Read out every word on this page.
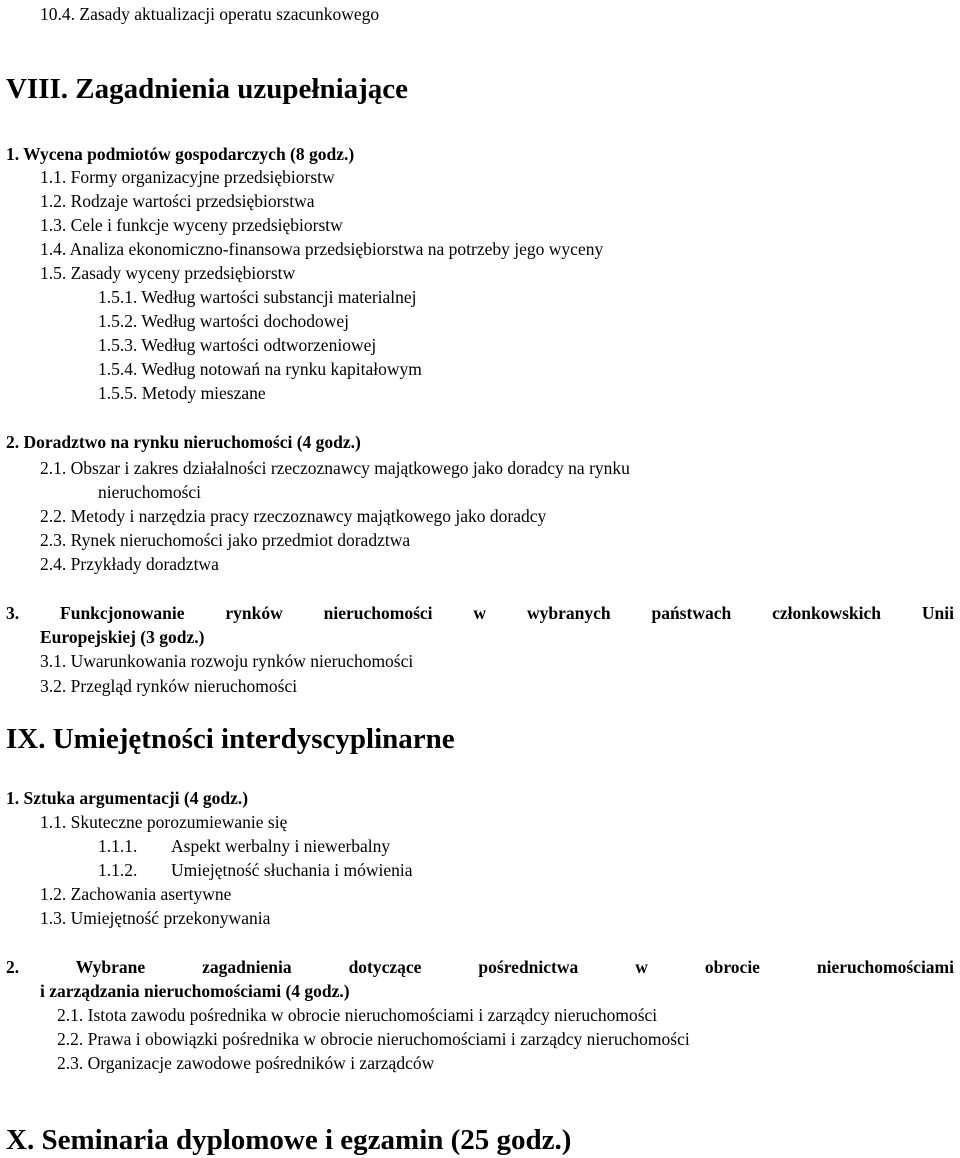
10.4. Zasady aktualizacji operatu szacunkowego
VIII. Zagadnienia uzupełniające
1. Wycena podmiotów gospodarczych (8 godz.)
1.1. Formy organizacyjne przedsiębiorstw
1.2. Rodzaje wartości przedsiębiorstwa
1.3. Cele i funkcje wyceny przedsiębiorstw
1.4. Analiza ekonomiczno-finansowa przedsiębiorstwa na potrzeby jego wyceny
1.5. Zasady wyceny przedsiębiorstw
1.5.1. Według wartości substancji materialnej
1.5.2. Według wartości dochodowej
1.5.3. Według wartości odtworzeniowej
1.5.4. Według notowań na rynku kapitałowym
1.5.5. Metody mieszane
2. Doradztwo na rynku nieruchomości (4 godz.)
2.1. Obszar i zakres działalności rzeczoznawcy majątkowego jako doradcy na rynku
nieruchomości
2.2. Metody i narzędzia pracy rzeczoznawcy majątkowego jako doradcy
2.3. Rynek nieruchomości jako przedmiot doradztwa
2.4. Przykłady doradztwa
3. Funkcjonowanie rynków nieruchomości w wybranych państwach członkowskich Unii
Europejskiej (3 godz.)
3.1. Uwarunkowania rozwoju rynków nieruchomości
3.2. Przegląd rynków nieruchomości
IX. Umiejętności interdyscyplinarne
1. Sztuka argumentacji (4 godz.)
1.1. Skuteczne porozumiewanie się
1.1.1. Aspekt werbalny i niewerbalny
1.1.2. Umiejętność słuchania i mówienia
1.2. Zachowania asertywne
1.3. Umiejętność przekonywania
2. Wybrane zagadnienia dotyczące pośrednictwa w obrocie nieruchomościami
i zarządzania nieruchomościami (4 godz.)
2.1. Istota zawodu pośrednika w obrocie nieruchomościami i zarządcy nieruchomości
2.2. Prawa i obowiązki pośrednika w obrocie nieruchomościami i zarządcy nieruchomości
2.3. Organizacje zawodowe pośredników i zarządców
X. Seminaria dyplomowe i egzamin (25 godz.)
